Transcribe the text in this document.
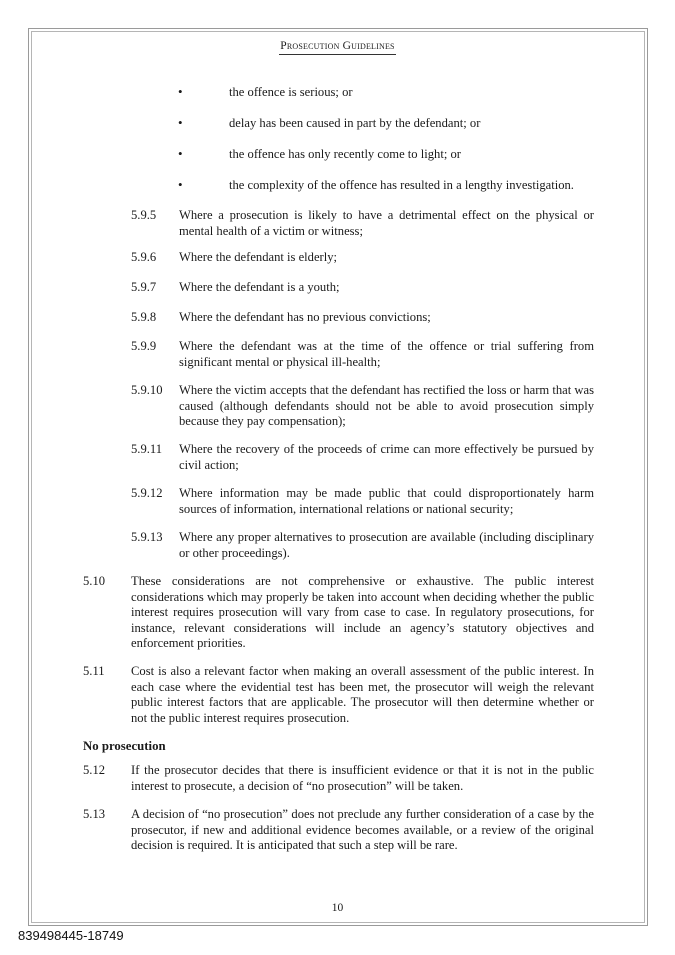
Prosecution Guidelines
•	the offence is serious; or
•	delay has been caused in part by the defendant; or
•	the offence has only recently come to light; or
•	the complexity of the offence has resulted in a lengthy investigation.
5.9.5 Where a prosecution is likely to have a detrimental effect on the physical or mental health of a victim or witness;
5.9.6 Where the defendant is elderly;
5.9.7 Where the defendant is a youth;
5.9.8 Where the defendant has no previous convictions;
5.9.9 Where the defendant was at the time of the offence or trial suffering from significant mental or physical ill-health;
5.9.10 Where the victim accepts that the defendant has rectified the loss or harm that was caused (although defendants should not be able to avoid prosecution simply because they pay compensation);
5.9.11 Where the recovery of the proceeds of crime can more effectively be pursued by civil action;
5.9.12 Where information may be made public that could disproportionately harm sources of information, international relations or national security;
5.9.13 Where any proper alternatives to prosecution are available (including disciplinary or other proceedings).
5.10 These considerations are not comprehensive or exhaustive. The public interest considerations which may properly be taken into account when deciding whether the public interest requires prosecution will vary from case to case. In regulatory prosecutions, for instance, relevant considerations will include an agency’s statutory objectives and enforcement priorities.
5.11 Cost is also a relevant factor when making an overall assessment of the public interest. In each case where the evidential test has been met, the prosecutor will weigh the relevant public interest factors that are applicable. The prosecutor will then determine whether or not the public interest requires prosecution.
No prosecution
5.12 If the prosecutor decides that there is insufficient evidence or that it is not in the public interest to prosecute, a decision of “no prosecution” will be taken.
5.13 A decision of “no prosecution” does not preclude any further consideration of a case by the prosecutor, if new and additional evidence becomes available, or a review of the original decision is required. It is anticipated that such a step will be rare.
10
839498445-18749
